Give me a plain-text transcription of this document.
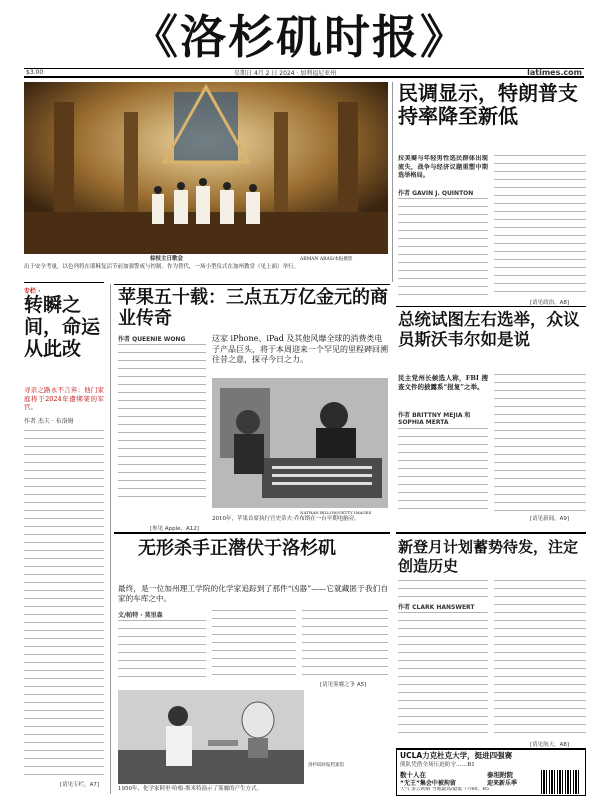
《洛杉矶时报》
$3.00	星期日 4月 2 日 2024 · 加利福尼亚州	latimes.com
棕枝主日歌会	ARMAN ARAS/本报摄影
出于安全考量，以色列将在耶稣复活节前加强警戒与控制。作为替代，一场小型仪式在加州教堂（见上面）举行。
民调显示，特朗普支持率降至新低
拉美裔与年轻男性选民群体出现流失，战争与经济议题重塑中期选举格局。
作者 GAVIN J. QUINTON
[请见政治，A8]
专栏 ·
转瞬之间，命运从此改
寻亲之路永不言弃：他门家庭将于2024年遭绑架的军官。
作者 杰夫 · 布洛姆
[请见专栏，A7]
苹果五十载：三点五万亿金元的商业传奇
作者 QUEENIE WONG	这家 iPhone、iPad 及其他风靡全球的消费类电子产品巨头，将于本周迎来一个罕见的里程碑回溯往昔之意，探寻今日之力。
NATHAN BILLOW/GETTY IMAGES
2010年，苹果首席执行官史蒂夫·乔布斯在一台早期电脑旁。
[参见 Apple，A12]
总统试图左右选举，众议员斯沃韦尔如是说
民主党州长候选人称，FBI 搜查文件的披露系“报复”之举。
作者 BRITTNY MEJIA 和 SOPHIA MERTA
[请见新闻，A9]
无形杀手正潜伏于洛杉矶
最终，是一位加州理工学院的化学家追踪到了那件“凶器”——它就藏匿于我们自家的车库之中。
文/帕特 · 莫里森
[请见雾霾之争 A5]
洛杉矶时报档案馆
1950年，化学家阿里·哈根-斯米特演示了雾霾的产生方式。
新登月计划蓄势待发，注定创造历史
作者 CLARK HANSWERT
[请见航天，A8]
UCLA力克杜克大学，挺进四强赛
熊队凭借全场压迫防守……B1
数十人在
“无王”集会中被拘留
泰坦附院
迎来新乐季
天气 多云转晴 当地最高/最低 77/60，B5
